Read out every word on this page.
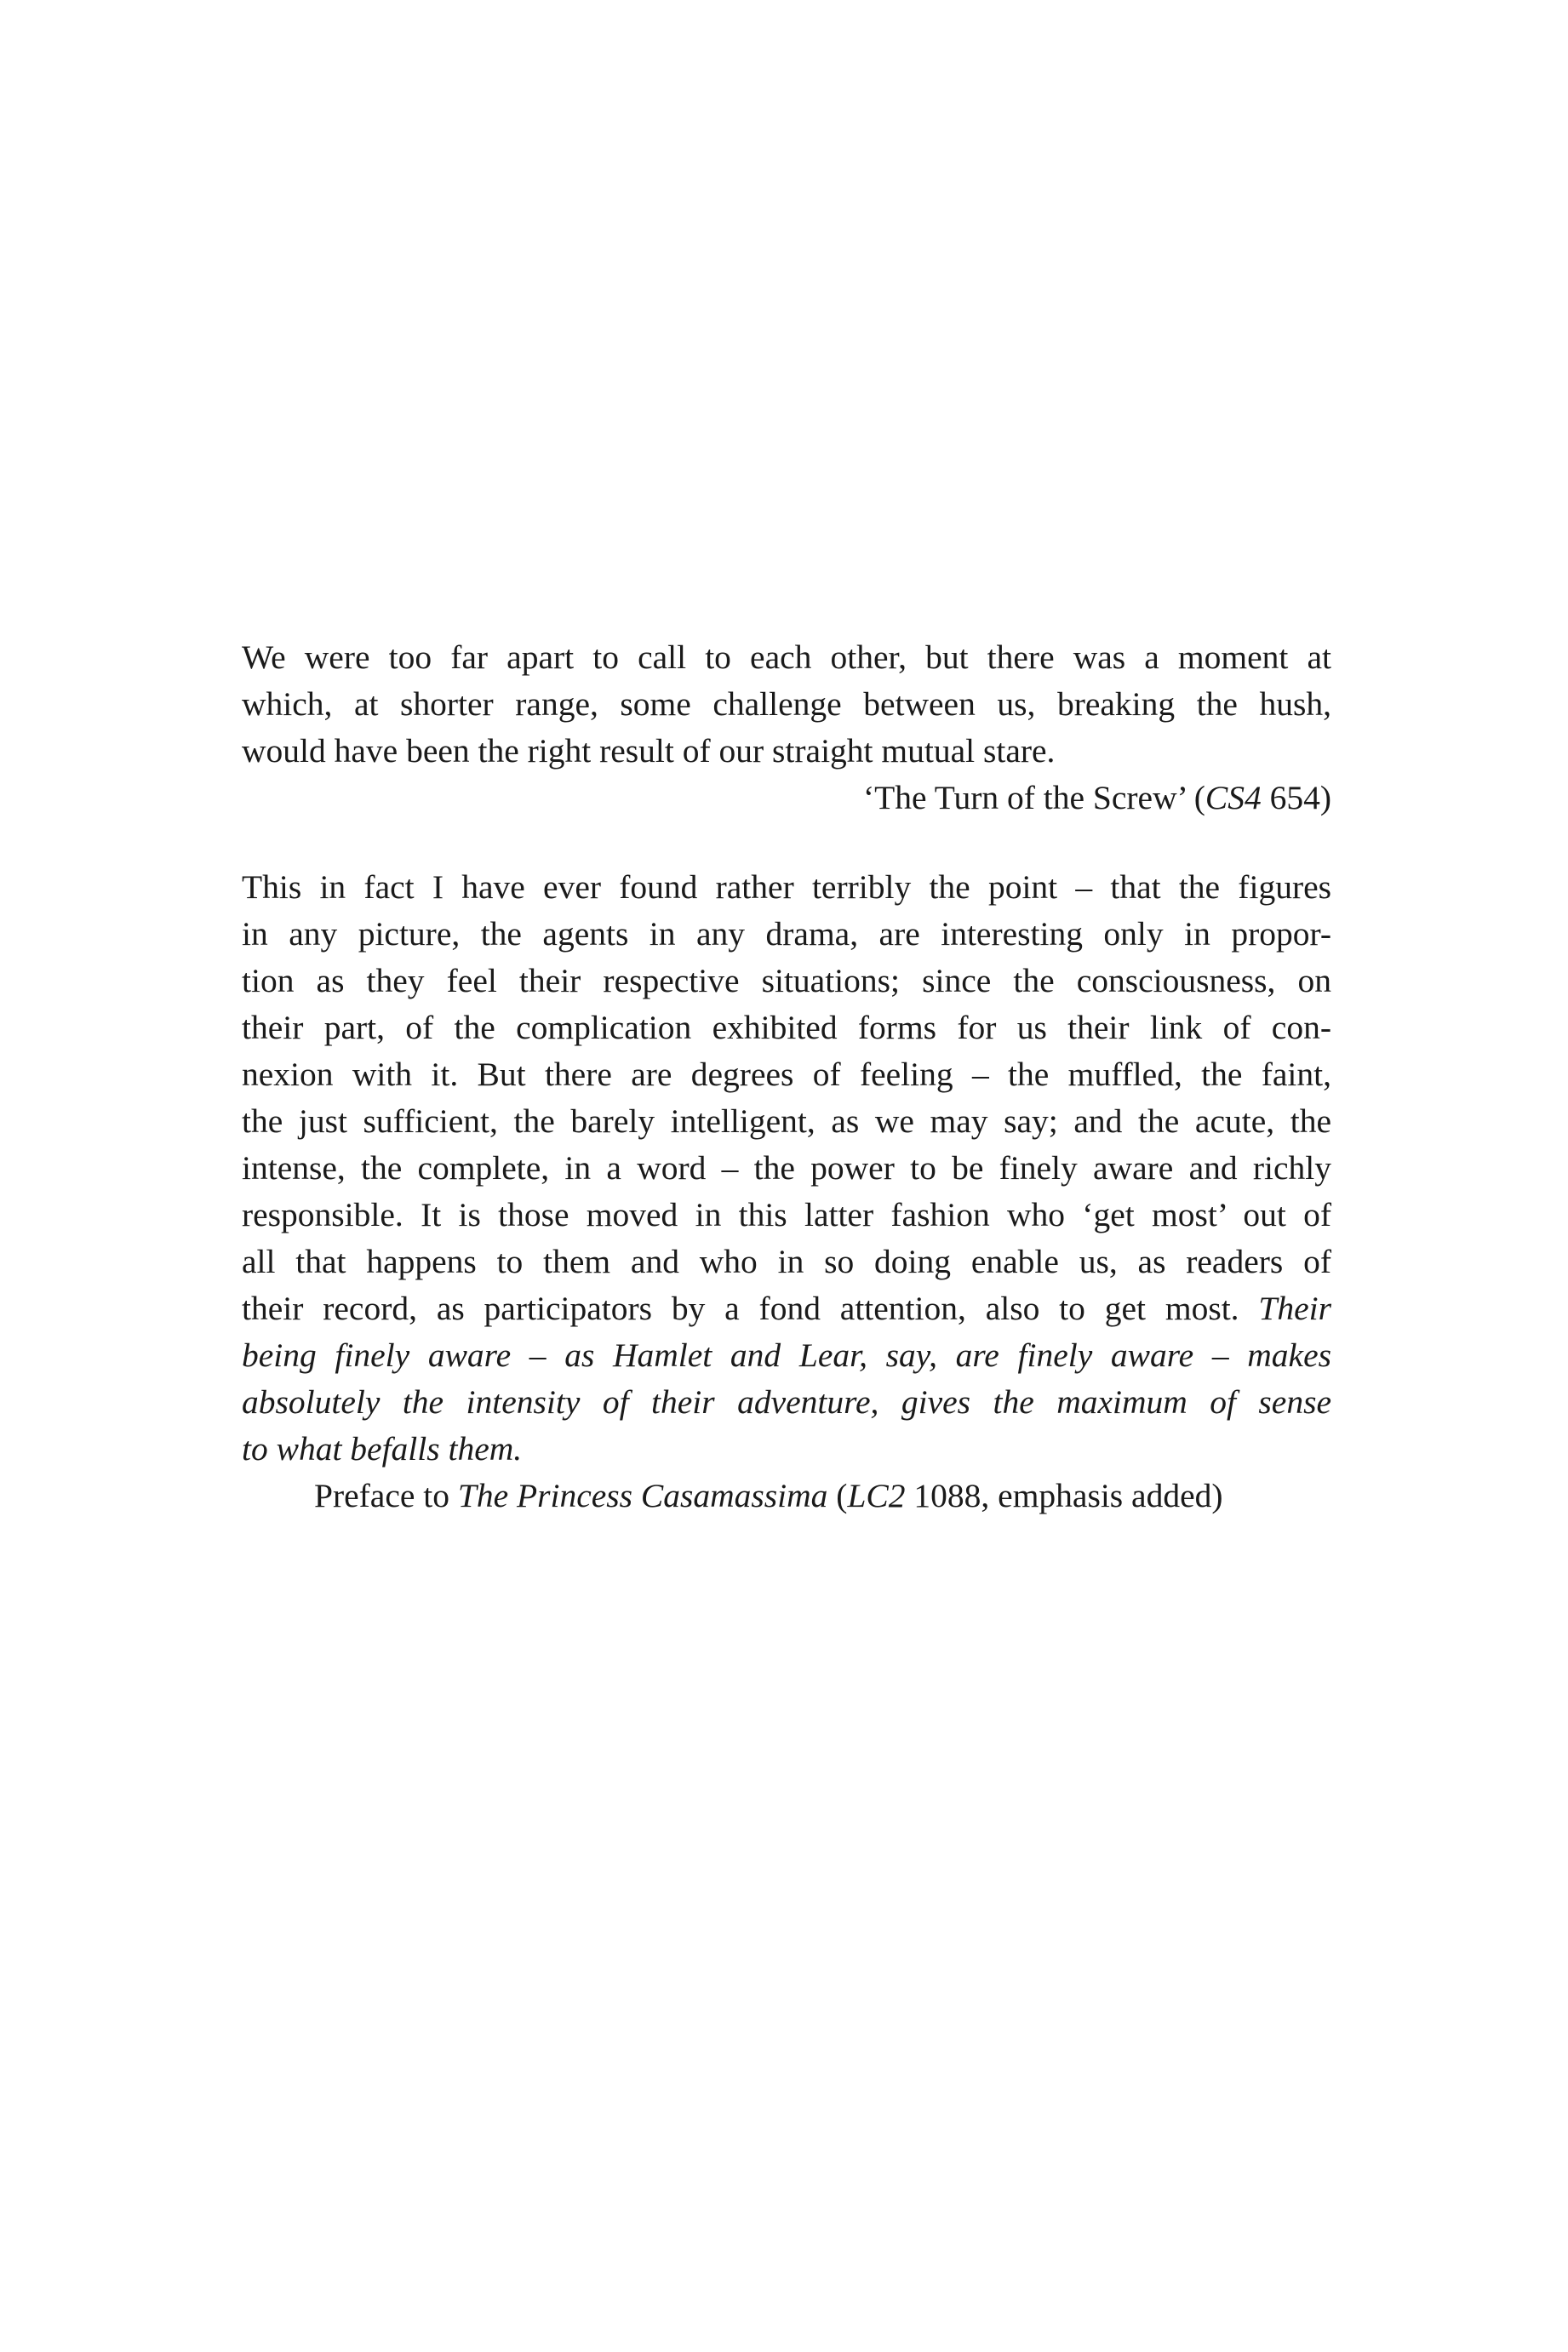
We were too far apart to call to each other, but there was a moment at
which, at shorter range, some challenge between us, breaking the hush,
would have been the right result of our straight mutual stare.
‘The Turn of the Screw’ (CS4 654)
This in fact I have ever found rather terribly the point – that the figures
in any picture, the agents in any drama, are interesting only in propor-
tion as they feel their respective situations; since the consciousness, on
their part, of the complication exhibited forms for us their link of con-
nexion with it. But there are degrees of feeling – the muffled, the faint,
the just sufficient, the barely intelligent, as we may say; and the acute, the
intense, the complete, in a word – the power to be finely aware and richly
responsible. It is those moved in this latter fashion who ‘get most’ out of
all that happens to them and who in so doing enable us, as readers of
their record, as participators by a fond attention, also to get most. Their
being finely aware – as Hamlet and Lear, say, are finely aware – makes
absolutely the intensity of their adventure, gives the maximum of sense
to what befalls them.
Preface to The Princess Casamassima (LC2 1088, emphasis added)
